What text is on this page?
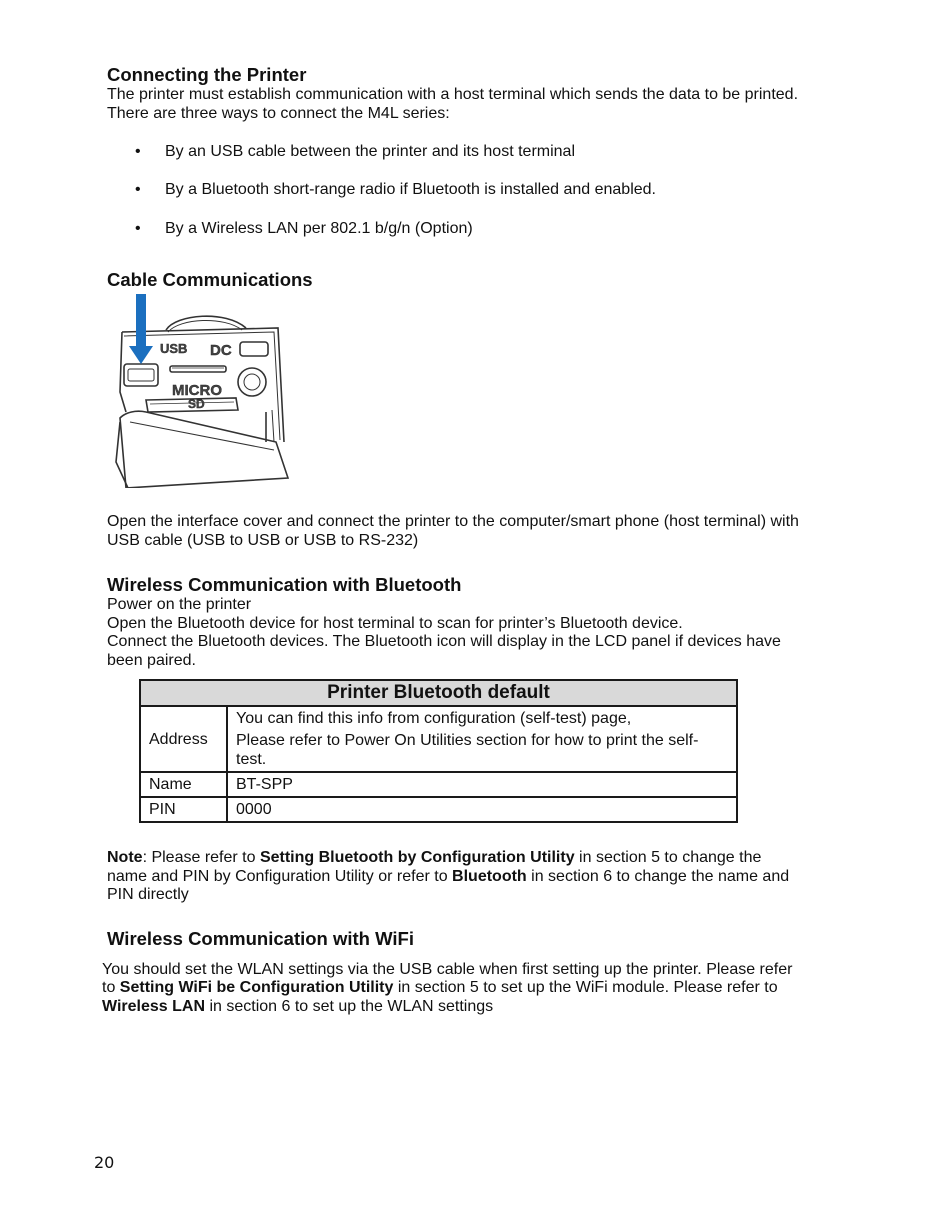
Connecting the Printer

The printer must establish communication with a host terminal which sends the data to be printed.

There are three ways to connect the M4L series:

• By an USB cable between the printer and its host terminal
• By a Bluetooth short-range radio if Bluetooth is installed and enabled.
• By a Wireless LAN per 802.1 b/g/n (Option)
Cable Communications
USB DC
MICRO
SD

Open the interface cover and connect the printer to the computer/smart phone (host terminal) with

USB cable (USB to USB or USB to RS-232)

Wireless Communication with Bluetooth

Power on the printer

Open the Bluetooth device for host terminal to scan for printer’s Bluetooth device.

Connect the Bluetooth devices. The Bluetooth icon will display in the LCD panel if devices have

been paired.

Printer Bluetooth default	
Address	You can find this info from configuration (self-test) page,
Please refer to Power On Utilities section for how to print the self-
test.

Name	BT-SPP
PIN	0000

Note: Please refer to Setting Bluetooth by Configuration Utility in section 5 to change the

name and PIN by Configuration Utility or refer to Bluetooth in section 6 to change the name and

PIN directly

Wireless Communication with WiFi

You should set the WLAN settings via the USB cable when first setting up the printer. Please refer

to Setting WiFi be Configuration Utility in section 5 to set up the WiFi module. Please refer to

Wireless LAN in section 6 to set up the WLAN settings

20
